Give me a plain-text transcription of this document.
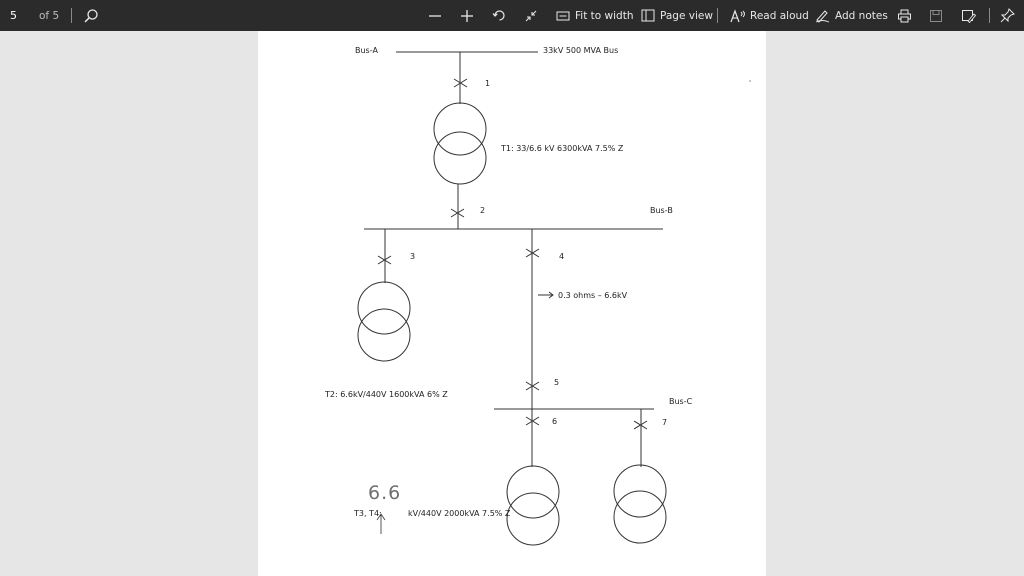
5 of 5	Fit to width	Page view	Read aloud Add notes
Bus-A	33kV 500 MVA Bus
1
T1: 33/6.6 kV 6300kVA 7.5% Z
2	Bus-B
3	4
0.3 ohms – 6.6kV
5
T2: 6.6kV/440V 1600kVA 6% Z
Bus-C
6	7
6.6
T3, T4:	kV/440V 2000kVA 7.5% Z
